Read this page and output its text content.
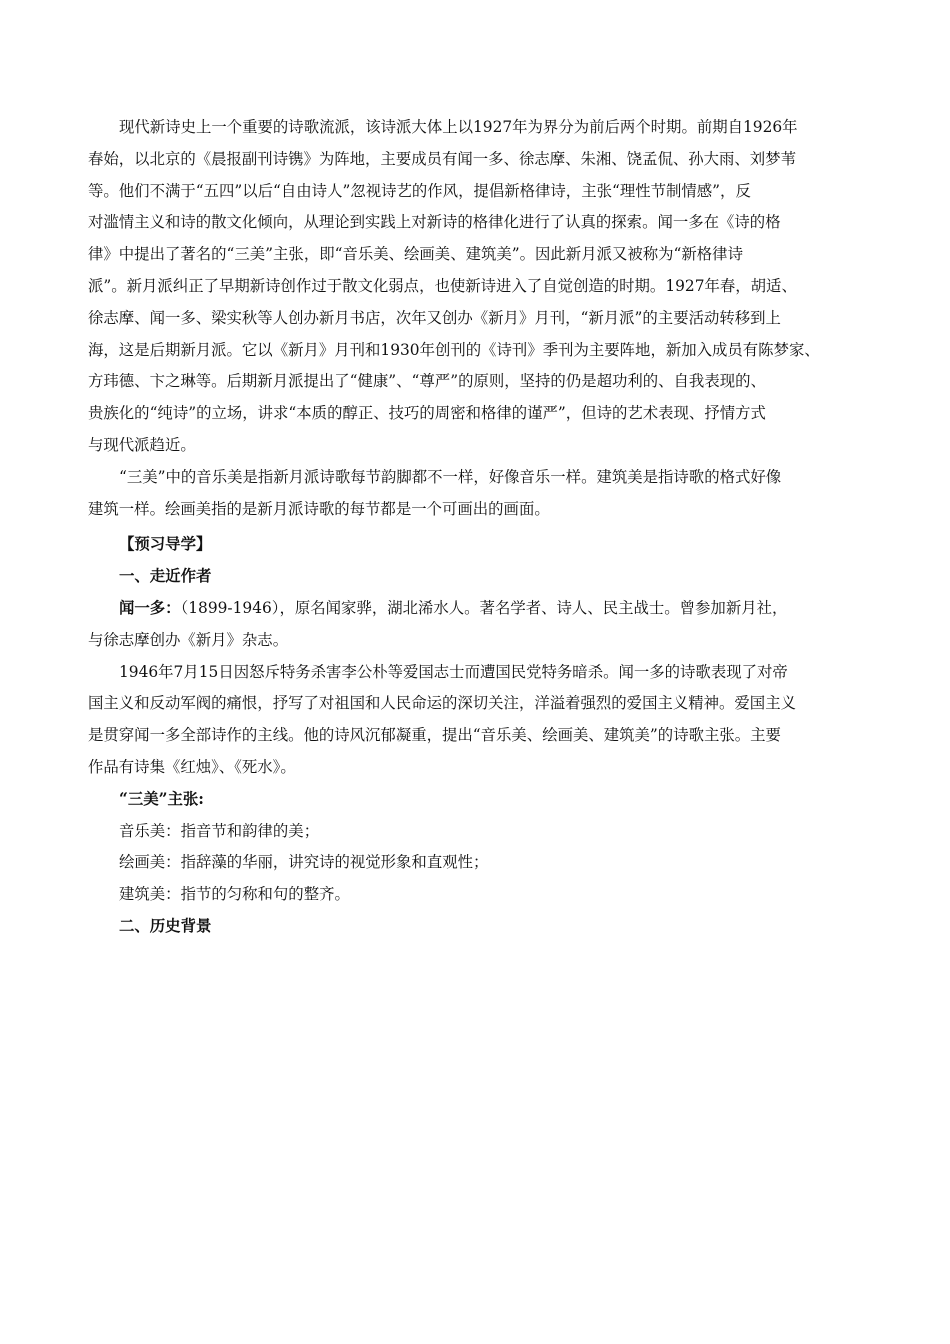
现代新诗史上一个重要的诗歌流派，该诗派大体上以1927年为界分为前后两个时期。前期自1926年
春始，以北京的《晨报副刊诗镌》为阵地，主要成员有闻一多、徐志摩、朱湘、饶孟侃、孙大雨、刘梦苇
等。他们不满于“五四”以后“自由诗人”忽视诗艺的作风，提倡新格律诗，主张“理性节制情感”，反
对滥情主义和诗的散文化倾向，从理论到实践上对新诗的格律化进行了认真的探索。闻一多在《诗的格
律》中提出了著名的“三美”主张，即“音乐美、绘画美、建筑美”。因此新月派又被称为“新格律诗
派”。新月派纠正了早期新诗创作过于散文化弱点，也使新诗进入了自觉创造的时期。1927年春，胡适、
徐志摩、闻一多、梁实秋等人创办新月书店，次年又创办《新月》月刊，“新月派”的主要活动转移到上
海，这是后期新月派。它以《新月》月刊和1930年创刊的《诗刊》季刊为主要阵地，新加入成员有陈梦家、
方玮德、卞之琳等。后期新月派提出了“健康”、“尊严”的原则，坚持的仍是超功利的、自我表现的、
贵族化的“纯诗”的立场，讲求“本质的醇正、技巧的周密和格律的谨严”，但诗的艺术表现、抒情方式
与现代派趋近。
“三美”中的音乐美是指新月派诗歌每节韵脚都不一样，好像音乐一样。建筑美是指诗歌的格式好像
建筑一样。绘画美指的是新月派诗歌的每节都是一个可画出的画面。
【预习导学】
一、走近作者
闻一多：（1899-1946），原名闻家骅，湖北浠水人。著名学者、诗人、民主战士。曾参加新月社，
与徐志摩创办《新月》杂志。
1946年7月15日因怒斥特务杀害李公朴等爱国志士而遭国民党特务暗杀。闻一多的诗歌表现了对帝
国主义和反动军阀的痛恨，抒写了对祖国和人民命运的深切关注，洋溢着强烈的爱国主义精神。爱国主义
是贯穿闻一多全部诗作的主线。他的诗风沉郁凝重，提出“音乐美、绘画美、建筑美”的诗歌主张。主要
作品有诗集《红烛》、《死水》。
“三美”主张:
音乐美：指音节和韵律的美；
绘画美：指辞藻的华丽，讲究诗的视觉形象和直观性；
建筑美：指节的匀称和句的整齐。
二、历史背景
